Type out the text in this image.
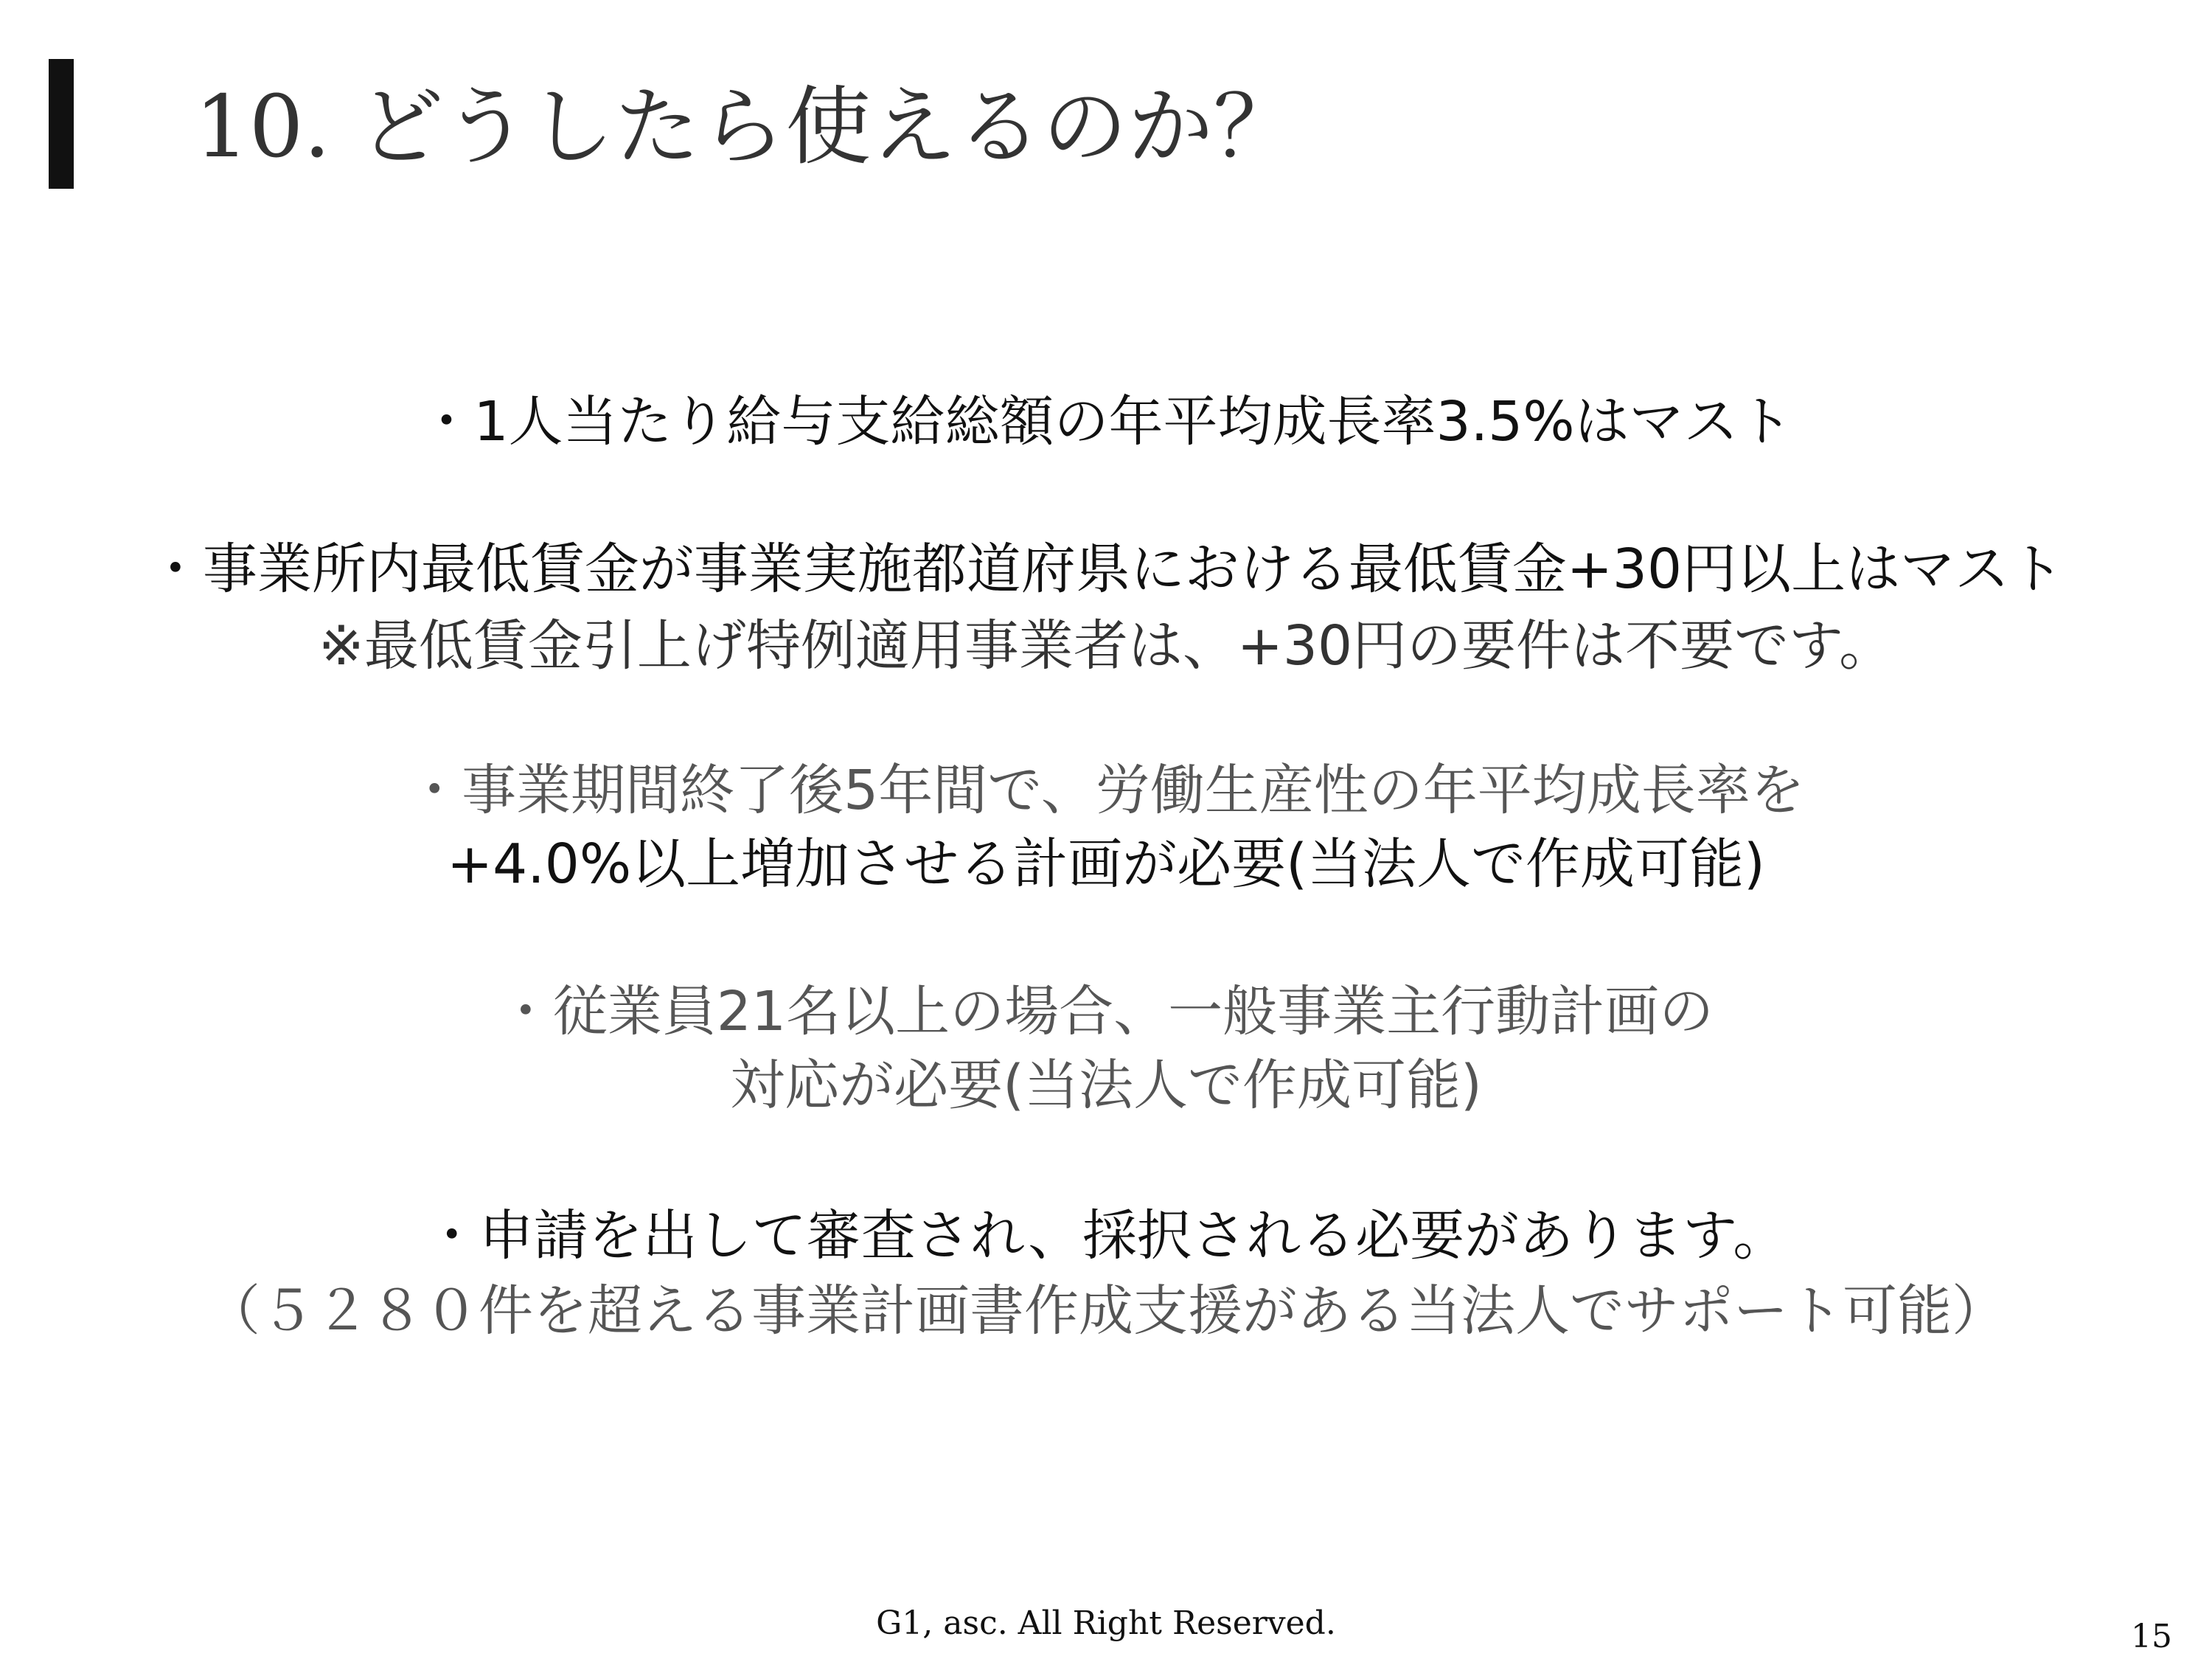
10. どうしたら使えるのか？
・1人当たり給与支給総額の年平均成長率3.5%はマスト
・事業所内最低賃金が事業実施都道府県における最低賃金+30円以上はマスト
※最低賃金引上げ特例適用事業者は、+30円の要件は不要です。
・事業期間終了後5年間で、労働生産性の年平均成長率を
+4.0%以上増加させる計画が必要(当法人で作成可能)
・従業員21名以上の場合、一般事業主行動計画の
対応が必要(当法人で作成可能)
・申請を出して審査され、採択される必要があります。
（５２８０件を超える事業計画書作成支援がある当法人でサポート可能）
G1, asc. All Right Reserved.	15
